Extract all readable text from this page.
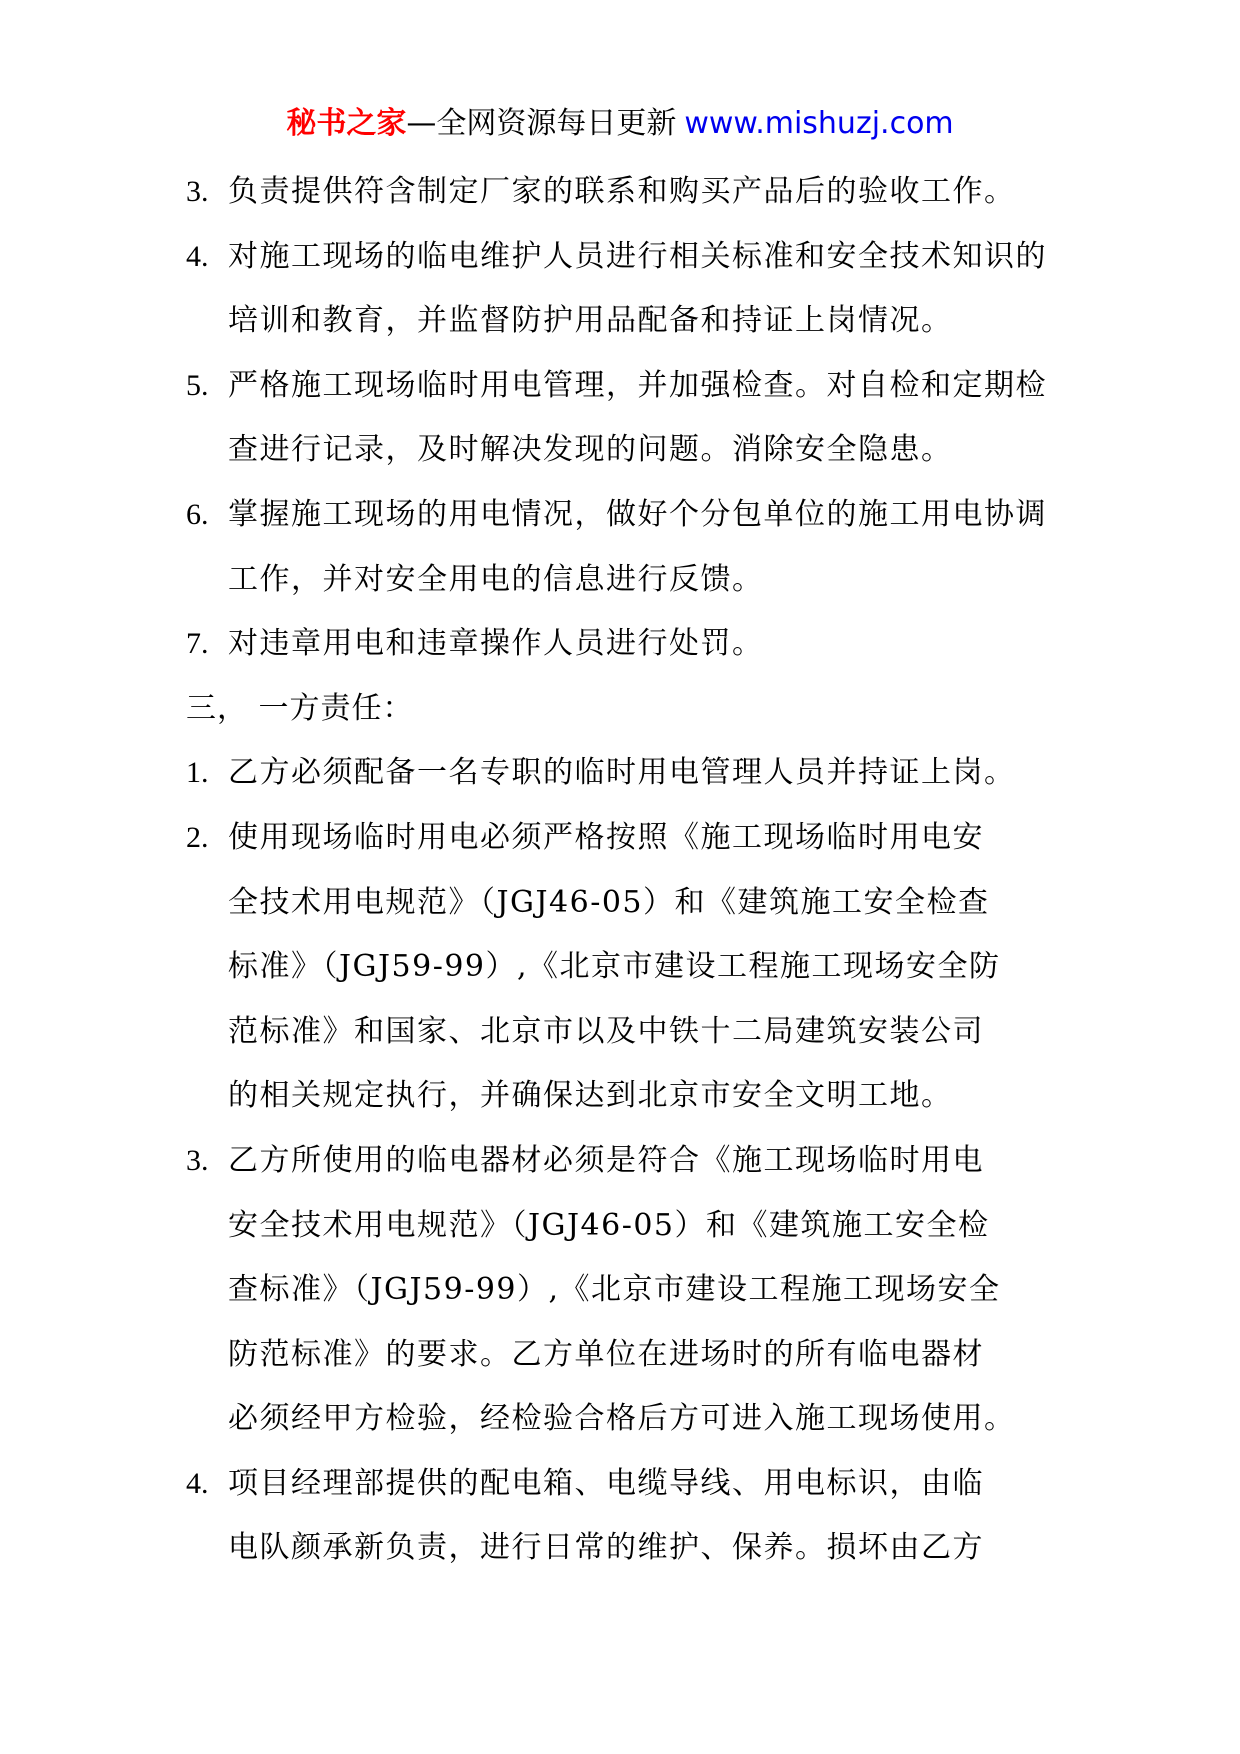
秘书之家—全网资源每日更新 www.mishuzj.com
3. 负责提供符含制定厂家的联系和购买产品后的验收工作。
4. 对施工现场的临电维护人员进行相关标准和安全技术知识的
培训和教育，并监督防护用品配备和持证上岗情况。
5. 严格施工现场临时用电管理，并加强检查。对自检和定期检
查进行记录，及时解决发现的问题。消除安全隐患。
6. 掌握施工现场的用电情况，做好个分包单位的施工用电协调
工作，并对安全用电的信息进行反馈。
7. 对违章用电和违章操作人员进行处罚。
三， 一方责任：
1. 乙方必须配备一名专职的临时用电管理人员并持证上岗。
2. 使用现场临时用电必须严格按照《施工现场临时用电安
全技术用电规范》（JGJ46-05）和《建筑施工安全检查
标准》（JGJ59-99）,《北京市建设工程施工现场安全防
范标准》和国家、北京市以及中铁十二局建筑安装公司
的相关规定执行，并确保达到北京市安全文明工地。
3. 乙方所使用的临电器材必须是符合《施工现场临时用电
安全技术用电规范》（JGJ46-05）和《建筑施工安全检
查标准》（JGJ59-99）,《北京市建设工程施工现场安全
防范标准》的要求。乙方单位在进场时的所有临电器材
必须经甲方检验，经检验合格后方可进入施工现场使用。
4. 项目经理部提供的配电箱、电缆导线、用电标识，由临
电队颜承新负责，进行日常的维护、保养。损坏由乙方
